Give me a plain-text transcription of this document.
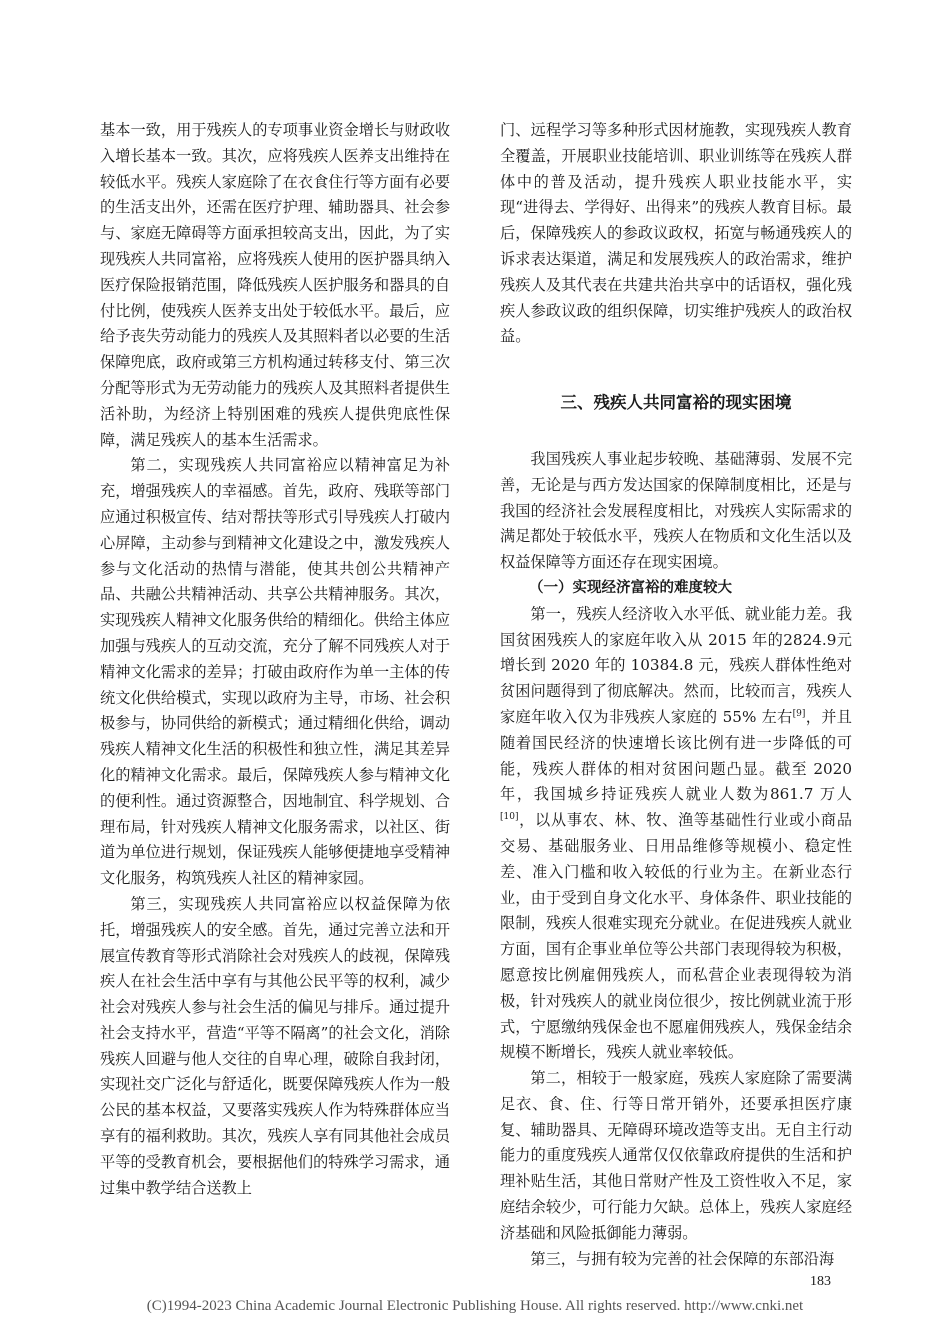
基本一致，用于残疾人的专项事业资金增长与财政收入增长基本一致。其次，应将残疾人医养支出维持在较低水平。残疾人家庭除了在衣食住行等方面有必要的生活支出外，还需在医疗护理、辅助器具、社会参与、家庭无障碍等方面承担较高支出，因此，为了实现残疾人共同富裕，应将残疾人使用的医护器具纳入医疗保险报销范围，降低残疾人医护服务和器具的自付比例，使残疾人医养支出处于较低水平。最后，应给予丧失劳动能力的残疾人及其照料者以必要的生活保障兜底，政府或第三方机构通过转移支付、第三次分配等形式为无劳动能力的残疾人及其照料者提供生活补助，为经济上特别困难的残疾人提供兜底性保障，满足残疾人的基本生活需求。

第二，实现残疾人共同富裕应以精神富足为补充，增强残疾人的幸福感。首先，政府、残联等部门应通过积极宣传、结对帮扶等形式引导残疾人打破内心屏障，主动参与到精神文化建设之中，激发残疾人参与文化活动的热情与潜能，使其共创公共精神产品、共融公共精神活动、共享公共精神服务。其次，实现残疾人精神文化服务供给的精细化。供给主体应加强与残疾人的互动交流，充分了解不同残疾人对于精神文化需求的差异；打破由政府作为单一主体的传统文化供给模式，实现以政府为主导，市场、社会积极参与，协同供给的新模式；通过精细化供给，调动残疾人精神文化生活的积极性和独立性，满足其差异化的精神文化需求。最后，保障残疾人参与精神文化的便利性。通过资源整合，因地制宜、科学规划、合理布局，针对残疾人精神文化服务需求，以社区、街道为单位进行规划，保证残疾人能够便捷地享受精神文化服务，构筑残疾人社区的精神家园。

第三，实现残疾人共同富裕应以权益保障为依托，增强残疾人的安全感。首先，通过完善立法和开展宣传教育等形式消除社会对残疾人的歧视，保障残疾人在社会生活中享有与其他公民平等的权利，减少社会对残疾人参与社会生活的偏见与排斥。通过提升社会支持水平，营造“平等不隔离”的社会文化，消除残疾人回避与他人交往的自卑心理，破除自我封闭，实现社交广泛化与舒适化，既要保障残疾人作为一般公民的基本权益，又要落实残疾人作为特殊群体应当享有的福利救助。其次，残疾人享有同其他社会成员平等的受教育机会，要根据他们的特殊学习需求，通过集中教学结合送教上

门、远程学习等多种形式因材施教，实现残疾人教育全覆盖，开展职业技能培训、职业训练等在残疾人群体中的普及活动，提升残疾人职业技能水平，实现“进得去、学得好、出得来”的残疾人教育目标。最后，保障残疾人的参政议政权，拓宽与畅通残疾人的诉求表达渠道，满足和发展残疾人的政治需求，维护残疾人及其代表在共建共治共享中的话语权，强化残疾人参政议政的组织保障，切实维护残疾人的政治权益。

三、残疾人共同富裕的现实困境

我国残疾人事业起步较晚、基础薄弱、发展不完善，无论是与西方发达国家的保障制度相比，还是与我国的经济社会发展程度相比，对残疾人实际需求的满足都处于较低水平，残疾人在物质和文化生活以及权益保障等方面还存在现实困境。

（一）实现经济富裕的难度较大

第一，残疾人经济收入水平低、就业能力差。我国贫困残疾人的家庭年收入从 2015 年的2824.9元增长到 2020 年的 10384.8 元，残疾人群体性绝对贫困问题得到了彻底解决。然而，比较而言，残疾人家庭年收入仅为非残疾人家庭的 55% 左右[9]，并且随着国民经济的快速增长该比例有进一步降低的可能，残疾人群体的相对贫困问题凸显。截至 2020 年，我国城乡持证残疾人就业人数为861.7 万人[10]，以从事农、林、牧、渔等基础性行业或小商品交易、基础服务业、日用品维修等规模小、稳定性差、准入门槛和收入较低的行业为主。在新业态行业，由于受到自身文化水平、身体条件、职业技能的限制，残疾人很难实现充分就业。在促进残疾人就业方面，国有企事业单位等公共部门表现得较为积极，愿意按比例雇佣残疾人，而私营企业表现得较为消极，针对残疾人的就业岗位很少，按比例就业流于形式，宁愿缴纳残保金也不愿雇佣残疾人，残保金结余规模不断增长，残疾人就业率较低。

第二，相较于一般家庭，残疾人家庭除了需要满足衣、食、住、行等日常开销外，还要承担医疗康复、辅助器具、无障碍环境改造等支出。无自主行动能力的重度残疾人通常仅仅依靠政府提供的生活和护理补贴生活，其他日常财产性及工资性收入不足，家庭结余较少，可行能力欠缺。总体上，残疾人家庭经济基础和风险抵御能力薄弱。

第三，与拥有较为完善的社会保障的东部沿海

183
(C)1994-2023 China Academic Journal Electronic Publishing House. All rights reserved. http://www.cnki.net
